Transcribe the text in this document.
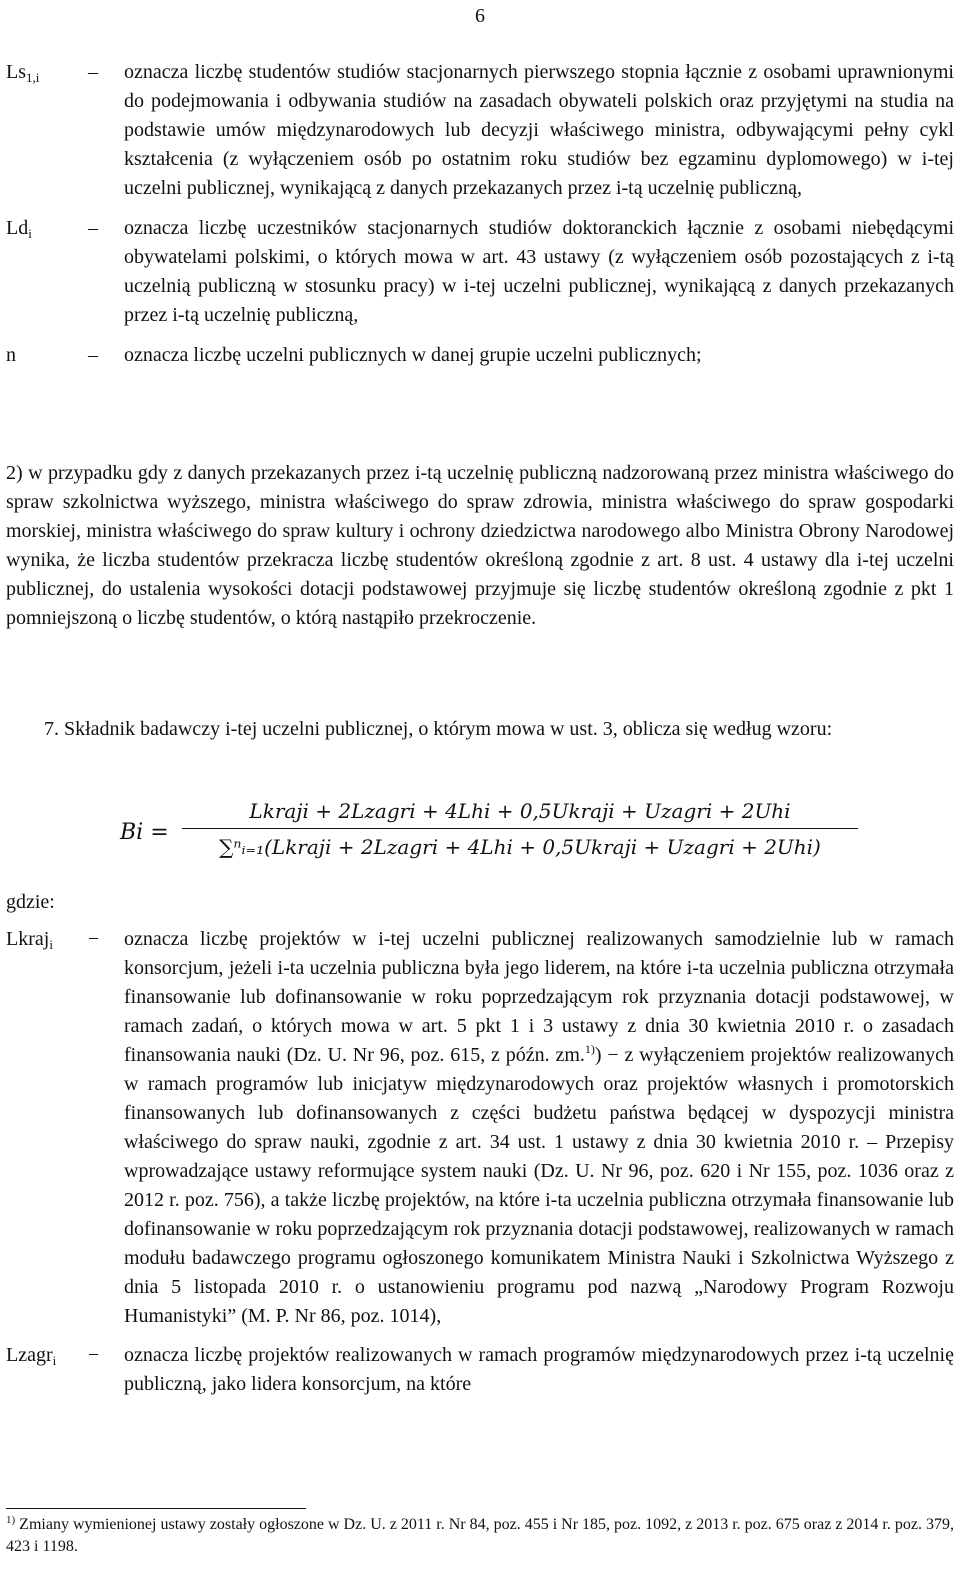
6
$Ls_{1,i}$	–	oznacza liczbę studentów studiów stacjonarnych pierwszego stopnia łącznie z osobami uprawnionymi do podejmowania i odbywania studiów na zasadach obywateli polskich oraz przyjętymi na studia na podstawie umów międzynarodowych lub decyzji właściwego ministra, odbywającymi pełny cykl kształcenia (z wyłączeniem osób po ostatnim roku studiów bez egzaminu dyplomowego) w i-tej uczelni publicznej, wynikającą z danych przekazanych przez i-tą uczelnię publiczną,
$Ld_i$	–	oznacza liczbę uczestników stacjonarnych studiów doktoranckich łącznie z osobami niebędącymi obywatelami polskimi, o których mowa w art. 43 ustawy (z wyłączeniem osób pozostających z i-tą uczelnią publiczną w stosunku pracy) w i-tej uczelni publicznej, wynikającą z danych przekazanych przez i-tą uczelnię publiczną,
n	–	oznacza liczbę uczelni publicznych w danej grupie uczelni publicznych;
2) w przypadku gdy z danych przekazanych przez i-tą uczelnię publiczną nadzorowaną przez ministra właściwego do spraw szkolnictwa wyższego, ministra właściwego do spraw zdrowia, ministra właściwego do spraw gospodarki morskiej, ministra właściwego do spraw kultury i ochrony dziedzictwa narodowego albo Ministra Obrony Narodowej wynika, że liczba studentów przekracza liczbę studentów określoną zgodnie z art. 8 ust. 4 ustawy dla i-tej uczelni publicznej, do ustalenia wysokości dotacji podstawowej przyjmuje się liczbę studentów określoną zgodnie z pkt 1 pomniejszoną o liczbę studentów, o którą nastąpiło przekroczenie.
7. Składnik badawczy i-tej uczelni publicznej, o którym mowa w ust. 3, oblicza się według wzoru:
B𝑖 =
Lkraj𝑖 + 2Lzagr𝑖 + 4Lh𝑖 + 0,5Ukraj𝑖 + Uzagr𝑖 + 2Uh𝑖
∑ⁿᵢ₌₁(Lkraj𝑖 + 2Lzagr𝑖 + 4Lh𝑖 + 0,5Ukraj𝑖 + Uzagr𝑖 + 2Uh𝑖)
gdzie:
Lkraj$_i$	−	oznacza liczbę projektów w i-tej uczelni publicznej realizowanych samodzielnie lub w ramach konsorcjum, jeżeli i-ta uczelnia publiczna była jego liderem, na które i-ta uczelnia publiczna otrzymała finansowanie lub dofinansowanie w roku poprzedzającym rok przyznania dotacji podstawowej, w ramach zadań, o których mowa w art. 5 pkt 1 i 3 ustawy z dnia 30 kwietnia 2010 r. o zasadach finansowania nauki (Dz. U. Nr 96, poz. 615, z późn. zm.$^{1)}$) − z wyłączeniem projektów realizowanych w ramach programów lub inicjatyw międzynarodowych oraz projektów własnych i promotorskich finansowanych lub dofinansowanych z części budżetu państwa będącej w dyspozycji ministra właściwego do spraw nauki, zgodnie z art. 34 ust. 1 ustawy z dnia 30 kwietnia 2010 r. – Przepisy wprowadzające ustawy reformujące system nauki (Dz. U. Nr 96, poz. 620 i Nr 155, poz. 1036 oraz z 2012 r. poz. 756), a także liczbę projektów, na które i-ta uczelnia publiczna otrzymała finansowanie lub dofinansowanie w roku poprzedzającym rok przyznania dotacji podstawowej, realizowanych w ramach modułu badawczego programu ogłoszonego komunikatem Ministra Nauki i Szkolnictwa Wyższego z dnia 5 listopada 2010 r. o ustanowieniu programu pod nazwą „Narodowy Program Rozwoju Humanistyki” (M. P. Nr 86, poz. 1014),
Lzagr$_i$	−	oznacza liczbę projektów realizowanych w ramach programów międzynarodowych przez i-tą uczelnię publiczną, jako lidera konsorcjum, na które
$^{1)}$ Zmiany wymienionej ustawy zostały ogłoszone w Dz. U. z 2011 r. Nr 84, poz. 455 i Nr 185, poz. 1092, z 2013 r. poz. 675 oraz z 2014 r. poz. 379, 423 i 1198.
